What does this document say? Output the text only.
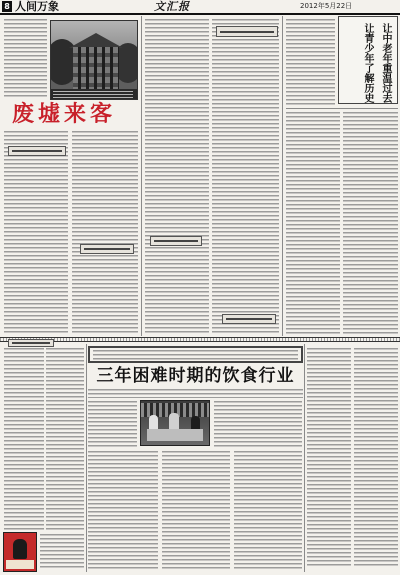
8 人间万象	文汇报	2012年5月22日
废墟来客
让中老年重温过去
让青少年了解历史
三年困难时期的饮食行业
